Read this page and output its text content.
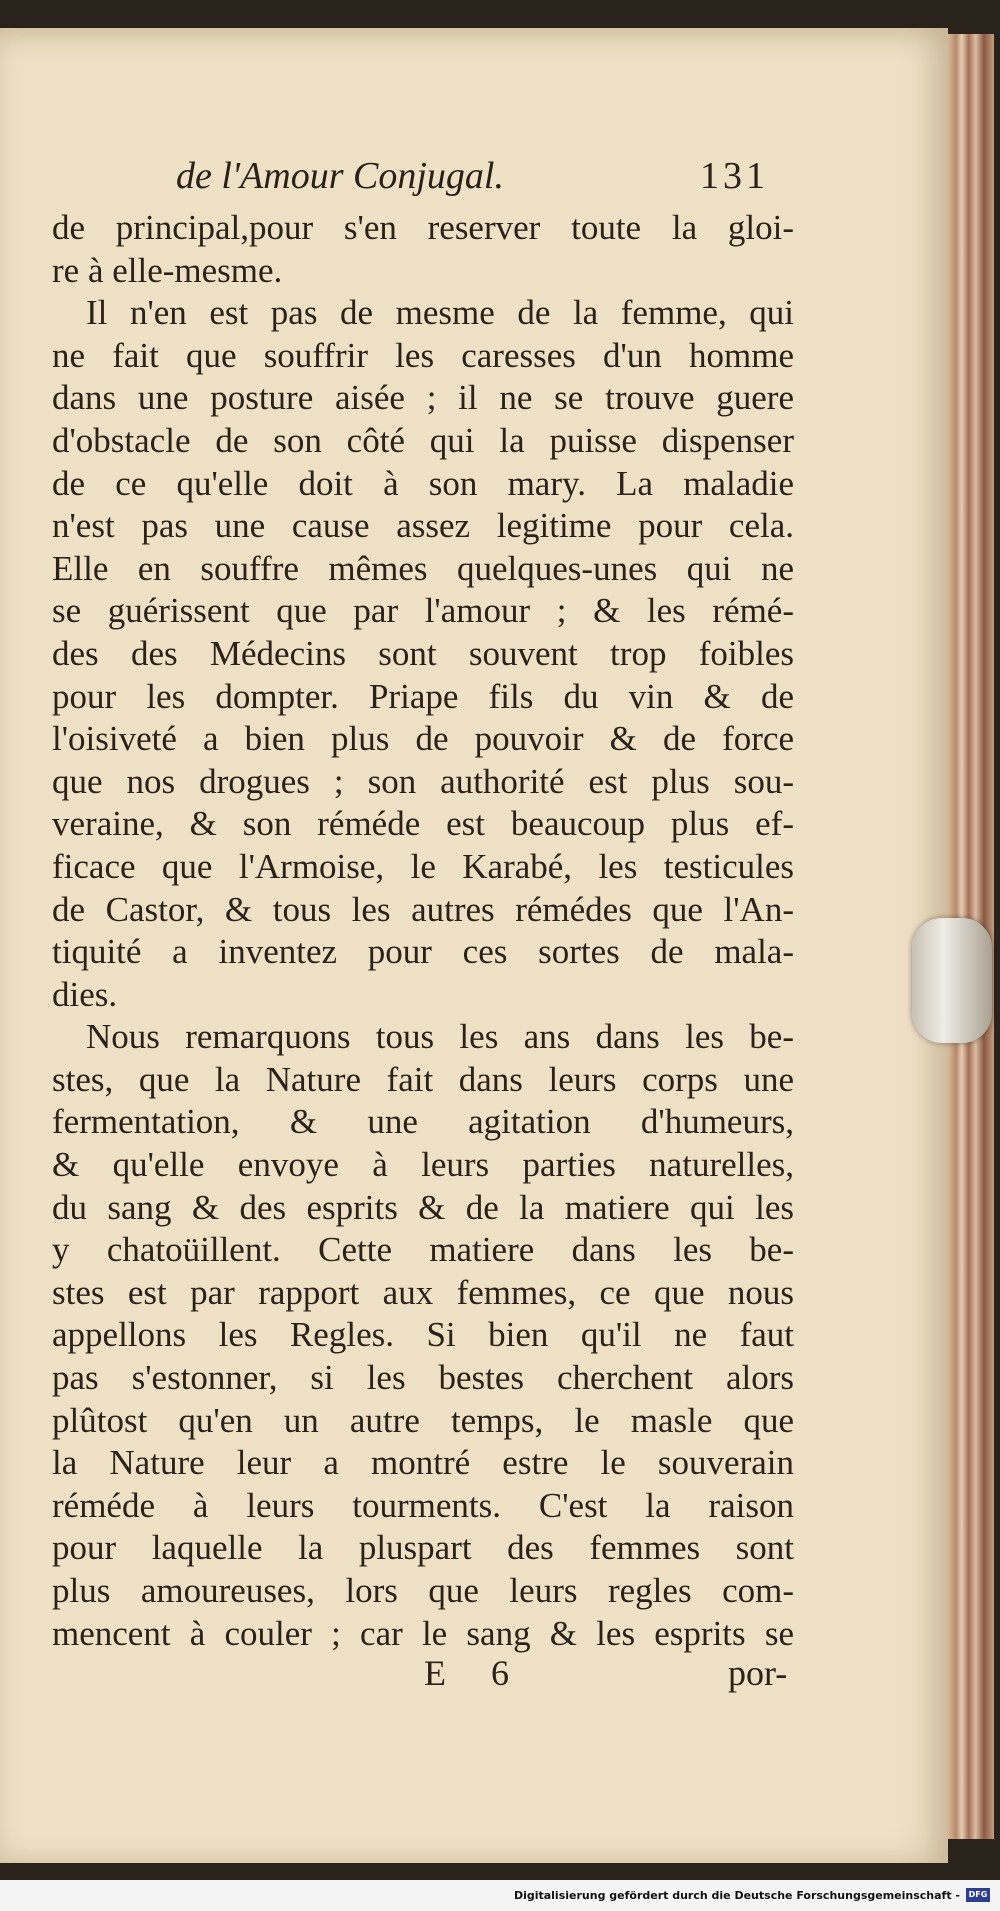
de l'Amour Conjugal.	131
de principal,pour s'en reserver toute la gloi-
re à elle-mesme.
Il n'en est pas de mesme de la femme, qui
ne fait que souffrir les caresses d'un homme
dans une posture aisée ; il ne se trouve guere
d'obstacle de son côté qui la puisse dispenser
de ce qu'elle doit à son mary. La maladie
n'est pas une cause assez legitime pour cela.
Elle en souffre mêmes quelques-unes qui ne
se guérissent que par l'amour ; & les rémé-
des des Médecins sont souvent trop foibles
pour les dompter. Priape fils du vin & de
l'oisiveté a bien plus de pouvoir & de force
que nos drogues ; son authorité est plus sou-
veraine, & son réméde est beaucoup plus ef-
ficace que l'Armoise, le Karabé, les testicules
de Castor, & tous les autres rémédes que l'An-
tiquité a inventez pour ces sortes de mala-
dies.
Nous remarquons tous les ans dans les be-
stes, que la Nature fait dans leurs corps une
fermentation, & une agitation d'humeurs,
& qu'elle envoye à leurs parties naturelles,
du sang & des esprits & de la matiere qui les
y chatoüillent. Cette matiere dans les be-
stes est par rapport aux femmes, ce que nous
appellons les Regles. Si bien qu'il ne faut
pas s'estonner, si les bestes cherchent alors
plûtost qu'en un autre temps, le masle que
la Nature leur a montré estre le souverain
réméde à leurs tourments. C'est la raison
pour laquelle la pluspart des femmes sont
plus amoureuses, lors que leurs regles com-
mencent à couler ; car le sang & les esprits se
E 6	por-
Digitalisierung gefördert durch die Deutsche Forschungsgemeinschaft -	DFG
